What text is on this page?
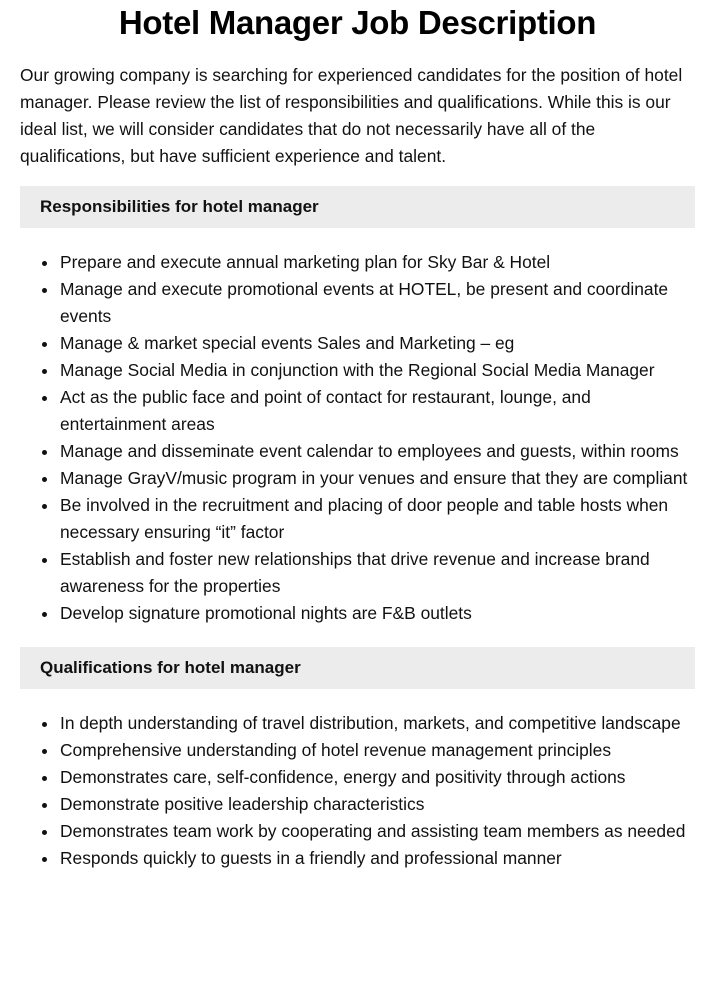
Hotel Manager Job Description

Our growing company is searching for experienced candidates for the position of hotel manager. Please review the list of responsibilities and qualifications. While this is our ideal list, we will consider candidates that do not necessarily have all of the qualifications, but have sufficient experience and talent.

Responsibilities for hotel manager
Prepare and execute annual marketing plan for Sky Bar & Hotel
Manage and execute promotional events at HOTEL, be present and coordinate events
Manage & market special events Sales and Marketing – eg
Manage Social Media in conjunction with the Regional Social Media Manager
Act as the public face and point of contact for restaurant, lounge, and entertainment areas
Manage and disseminate event calendar to employees and guests, within rooms
Manage GrayV/music program in your venues and ensure that they are compliant
Be involved in the recruitment and placing of door people and table hosts when necessary ensuring “it” factor
Establish and foster new relationships that drive revenue and increase brand awareness for the properties
Develop signature promotional nights are F&B outlets
Qualifications for hotel manager
In depth understanding of travel distribution, markets, and competitive landscape
Comprehensive understanding of hotel revenue management principles
Demonstrates care, self-confidence, energy and positivity through actions
Demonstrate positive leadership characteristics
Demonstrates team work by cooperating and assisting team members as needed
Responds quickly to guests in a friendly and professional manner
